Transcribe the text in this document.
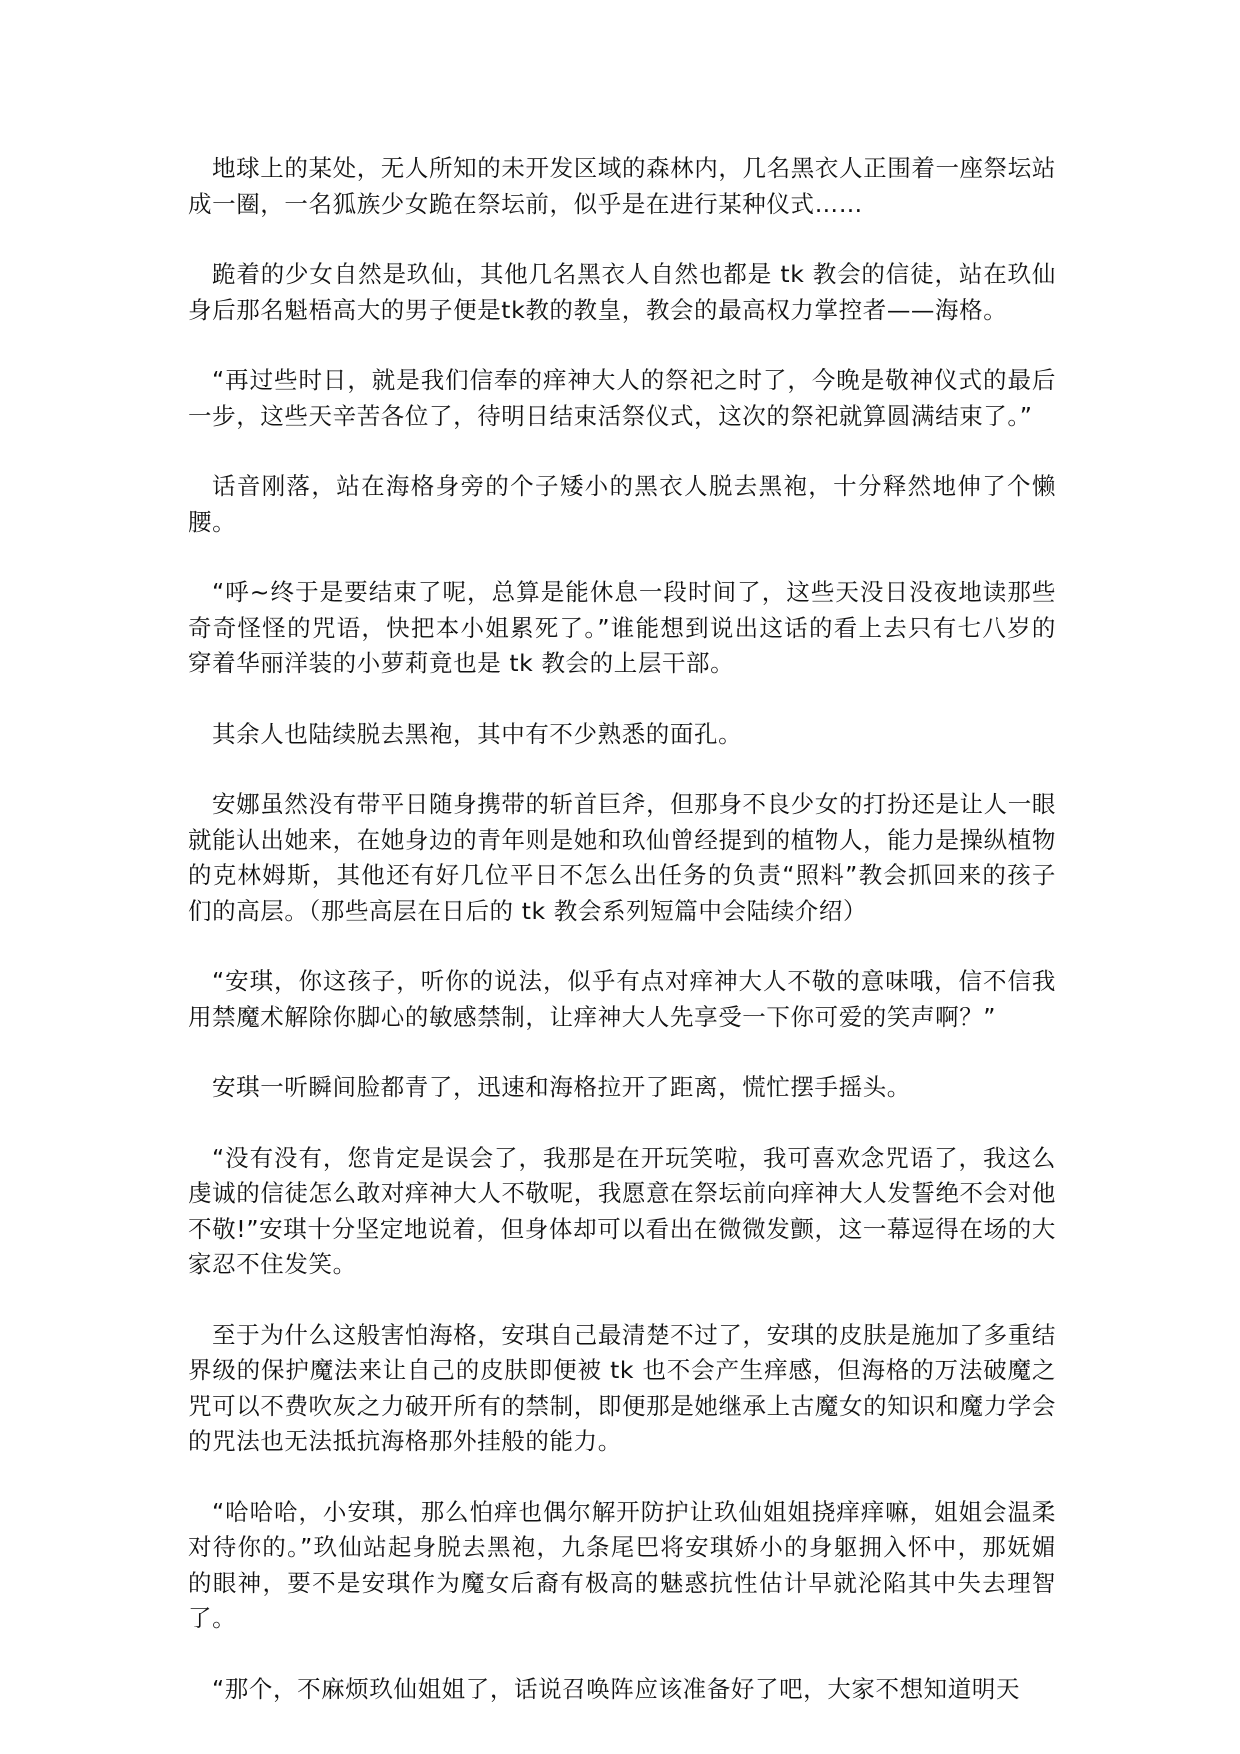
地球上的某处，无人所知的未开发区域的森林内，几名黑衣人正围着一座祭坛站成一圈，一名狐族少女跪在祭坛前，似乎是在进行某种仪式……

跪着的少女自然是玖仙，其他几名黑衣人自然也都是 tk 教会的信徒，站在玖仙身后那名魁梧高大的男子便是tk教的教皇，教会的最高权力掌控者——海格。

“再过些时日，就是我们信奉的痒神大人的祭祀之时了，今晚是敬神仪式的最后一步，这些天辛苦各位了，待明日结束活祭仪式，这次的祭祀就算圆满结束了。”

话音刚落，站在海格身旁的个子矮小的黑衣人脱去黑袍，十分释然地伸了个懒腰。

“呼~终于是要结束了呢，总算是能休息一段时间了，这些天没日没夜地读那些奇奇怪怪的咒语，快把本小姐累死了。”谁能想到说出这话的看上去只有七八岁的穿着华丽洋装的小萝莉竟也是 tk 教会的上层干部。

其余人也陆续脱去黑袍，其中有不少熟悉的面孔。

安娜虽然没有带平日随身携带的斩首巨斧，但那身不良少女的打扮还是让人一眼就能认出她来，在她身边的青年则是她和玖仙曾经提到的植物人，能力是操纵植物的克林姆斯，其他还有好几位平日不怎么出任务的负责“照料”教会抓回来的孩子们的高层。（那些高层在日后的 tk 教会系列短篇中会陆续介绍）

“安琪，你这孩子，听你的说法，似乎有点对痒神大人不敬的意味哦，信不信我用禁魔术解除你脚心的敏感禁制，让痒神大人先享受一下你可爱的笑声啊？”

安琪一听瞬间脸都青了，迅速和海格拉开了距离，慌忙摆手摇头。

“没有没有，您肯定是误会了，我那是在开玩笑啦，我可喜欢念咒语了，我这么虔诚的信徒怎么敢对痒神大人不敬呢，我愿意在祭坛前向痒神大人发誓绝不会对他不敬!”安琪十分坚定地说着，但身体却可以看出在微微发颤，这一幕逗得在场的大家忍不住发笑。

至于为什么这般害怕海格，安琪自己最清楚不过了，安琪的皮肤是施加了多重结界级的保护魔法来让自己的皮肤即便被 tk 也不会产生痒感，但海格的万法破魔之咒可以不费吹灰之力破开所有的禁制，即便那是她继承上古魔女的知识和魔力学会的咒法也无法抵抗海格那外挂般的能力。

“哈哈哈，小安琪，那么怕痒也偶尔解开防护让玖仙姐姐挠痒痒嘛，姐姐会温柔对待你的。”玖仙站起身脱去黑袍，九条尾巴将安琪娇小的身躯拥入怀中，那妩媚的眼神，要不是安琪作为魔女后裔有极高的魅惑抗性估计早就沦陷其中失去理智了。

“那个，不麻烦玖仙姐姐了，话说召唤阵应该准备好了吧，大家不想知道明天
